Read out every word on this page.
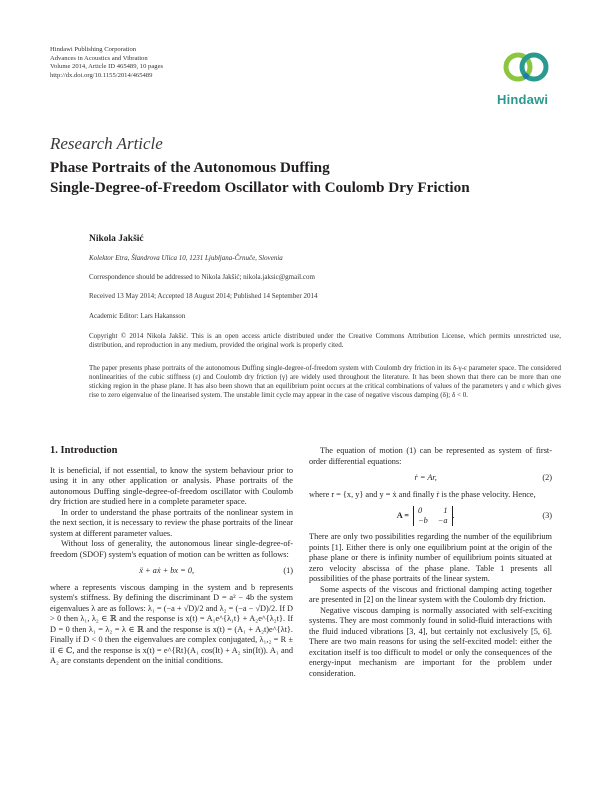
Hindawi Publishing Corporation
Advances in Acoustics and Vibration
Volume 2014, Article ID 465489, 10 pages
http://dx.doi.org/10.1155/2014/465489
Hindawi
Research Article
Phase Portraits of the Autonomous Duffing
Single-Degree-of-Freedom Oscillator with Coulomb Dry Friction
Nikola Jakšić
Kolektor Etra, Šlandrova Ulica 10, 1231 Ljubljana-Črnuče, Slovenia
Correspondence should be addressed to Nikola Jakšić; nikola.jaksic@gmail.com
Received 13 May 2014; Accepted 18 August 2014; Published 14 September 2014
Academic Editor: Lars Hakansson
Copyright © 2014 Nikola Jakšić. This is an open access article distributed under the Creative Commons Attribution License, which permits unrestricted use, distribution, and reproduction in any medium, provided the original work is properly cited.
The paper presents phase portraits of the autonomous Duffing single-degree-of-freedom system with Coulomb dry friction in its δ-γ-ε parameter space. The considered nonlinearities of the cubic stiffness (ε) and Coulomb dry friction (γ) are widely used throughout the literature. It has been shown that there can be more than one sticking region in the phase plane. It has also been shown that an equilibrium point occurs at the critical combinations of values of the parameters γ and ε which gives rise to zero eigenvalue of the linearised system. The unstable limit cycle may appear in the case of negative viscous damping (δ); δ < 0.

1. Introduction

It is beneficial, if not essential, to know the system behaviour prior to using it in any other application or analysis. Phase portraits of the autonomous Duffing single-degree-of-freedom oscillator with Coulomb dry friction are studied here in a complete parameter space.

In order to understand the phase portraits of the nonlinear system in the next section, it is necessary to review the phase portraits of the linear system at different parameter values.

Without loss of generality, the autonomous linear single-degree-of-freedom (SDOF) system's equation of motion can be written as follows:

ẍ + aẋ + bx = 0,	(1)

where a represents viscous damping in the system and b represents system's stiffness. By defining the discriminant D = a² − 4b the system eigenvalues λ are as follows: λ₁ = (−a + √D)/2 and λ₂ = (−a − √D)/2. If D > 0 then λ₁, λ₂ ∈ ℝ and the response is x(t) = A₁e^{λ₁t} + A₂e^{λ₂t}. If D = 0 then λ₁ = λ₂ = λ ∈ ℝ and the response is x(t) = (A₁ + A₂t)e^{λt}. Finally if D < 0 then the eigenvalues are complex conjugated, λ₁,₂ = R ± iI ∈ ℂ, and the response is x(t) = e^{Rt}(A₁ cos(It) + A₂ sin(It)). A₁ and A₂ are constants dependent on the initial conditions.

The equation of motion (1) can be represented as system of first-order differential equations:

ṙ = Ar,	(2)

where r = {x, y} and y = ẋ and finally ṙ is the phase velocity. Hence,

A =
0	1
−b −a
.	(3)

There are only two possibilities regarding the number of the equilibrium points [1]. Either there is only one equilibrium point at the origin of the phase plane or there is infinity number of equilibrium points situated at zero velocity abscissa of the phase plane. Table 1 presents all possibilities of the phase portraits of the linear system.

Some aspects of the viscous and frictional damping acting together are presented in [2] on the linear system with the Coulomb dry friction.

Negative viscous damping is normally associated with self-exciting systems. They are most commonly found in solid-fluid interactions with the fluid induced vibrations [3, 4], but certainly not exclusively [5, 6]. There are two main reasons for using the self-excited model: either the excitation itself is too difficult to model or only the consequences of the energy-input mechanism are important for the problem under consideration.
